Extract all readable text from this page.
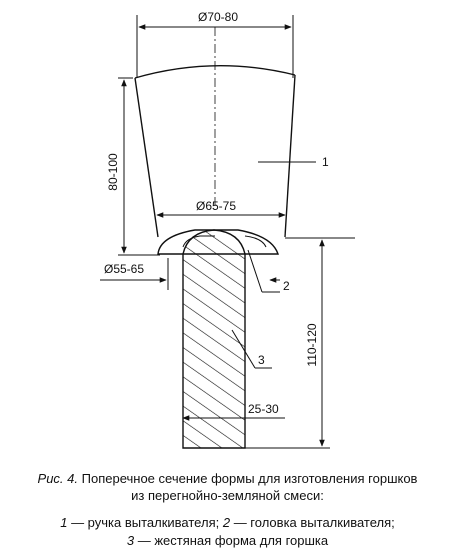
Ø70-80
80-100
Ø65-75
Ø55-65
110-120
25-30
1
2
3
Рис. 4. Поперечное сечение формы для изготовления горшков
из перегнойно-земляной смеси:
1 — ручка выталкивателя; 2 — головка выталкивателя;
3 — жестяная форма для горшка
